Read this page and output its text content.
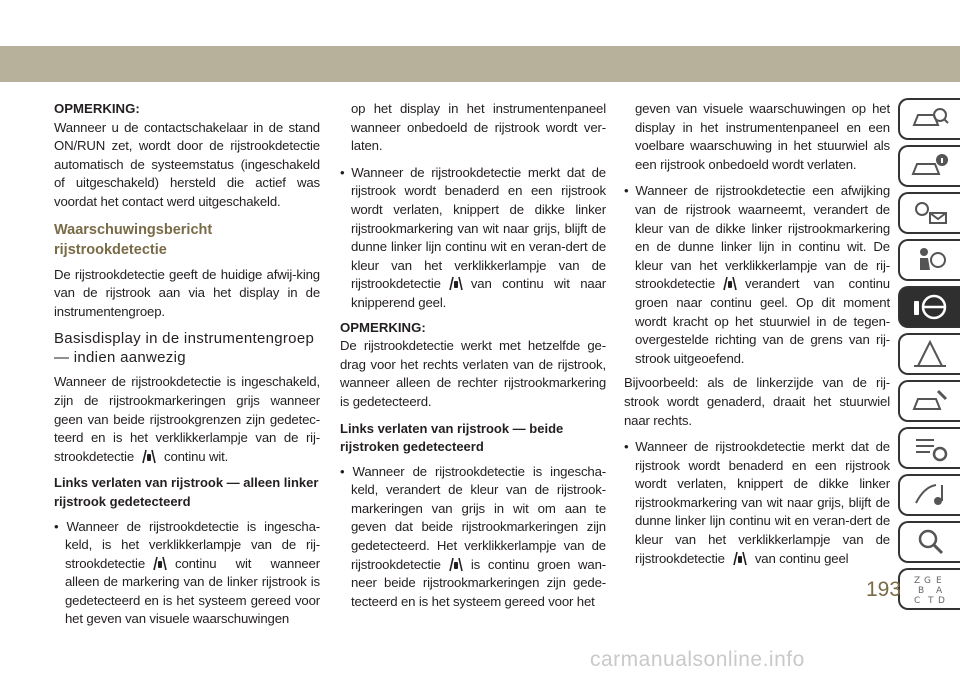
OPMERKING:

Wanneer u de contactschakelaar in de stand ON/RUN zet, wordt door de rijstrookdetectie automatisch de systeemstatus (ingeschakeld of uitgeschakeld) hersteld die actief was voordat het contact werd uitgeschakeld.

Waarschuwingsbericht rijstrookdetectie

De rijstrookdetectie geeft de huidige afwij-king van de rijstrook aan via het display in de instrumentengroep.

Basisdisplay in de instrumentengroep — indien aanwezig

Wanneer de rijstrookdetectie is ingeschakeld, zijn de rijstrookmarkeringen grijs wanneer geen van beide rijstrookgrenzen zijn gedetec-teerd en is het verklikkerlampje van de rij-strookdetectie continu wit.

Links verlaten van rijstrook — alleen linker rijstrook gedetecteerd

• Wanneer de rijstrookdetectie is ingescha-keld, is het verklikkerlampje van de rij-strookdetectie continu wit wanneer alleen de markering van de linker rijstrook is gedetecteerd en is het systeem gereed voor het geven van visuele waarschuwingen

op het display in het instrumentenpaneel wanneer onbedoeld de rijstrook wordt ver-laten.

• Wanneer de rijstrookdetectie merkt dat de rijstrook wordt benaderd en een rijstrook wordt verlaten, knippert de dikke linker rijstrookmarkering van wit naar grijs, blijft de dunne linker lijn continu wit en veran-dert de kleur van het verklikkerlampje van de rijstrookdetectie van continu wit naar knipperend geel.

OPMERKING:

De rijstrookdetectie werkt met hetzelfde ge-drag voor het rechts verlaten van de rijstrook, wanneer alleen de rechter rijstrookmarkering is gedetecteerd.

Links verlaten van rijstrook — beide rijstroken gedetecteerd

• Wanneer de rijstrookdetectie is ingescha-keld, verandert de kleur van de rijstrook-markeringen van grijs in wit om aan te geven dat beide rijstrookmarkeringen zijn gedetecteerd. Het verklikkerlampje van de rijstrookdetectie is continu groen wan-neer beide rijstrookmarkeringen zijn gede-tecteerd en is het systeem gereed voor het

geven van visuele waarschuwingen op het display in het instrumentenpaneel en een voelbare waarschuwing in het stuurwiel als een rijstrook onbedoeld wordt verlaten.

• Wanneer de rijstrookdetectie een afwijking van de rijstrook waarneemt, verandert de kleur van de dikke linker rijstrookmarkering en de dunne linker lijn in continu wit. De kleur van het verklikkerlampje van de rij-strookdetectie verandert van continu groen naar continu geel. Op dit moment wordt kracht op het stuurwiel in de tegen-overgestelde richting van de grens van rij-strook uitgeoefend.

Bijvoorbeeld: als de linkerzijde van de rij-strook wordt genaderd, draait het stuurwiel naar rechts.

• Wanneer de rijstrookdetectie merkt dat de rijstrook wordt benaderd en een rijstrook wordt verlaten, knippert de dikke linker rijstrookmarkering van wit naar grijs, blijft de dunne linker lijn continu wit en veran-dert de kleur van het verklikkerlampje van de rijstrookdetectie van continu geel

Z G E
B A
C T D
193
carmanualsonline.info
